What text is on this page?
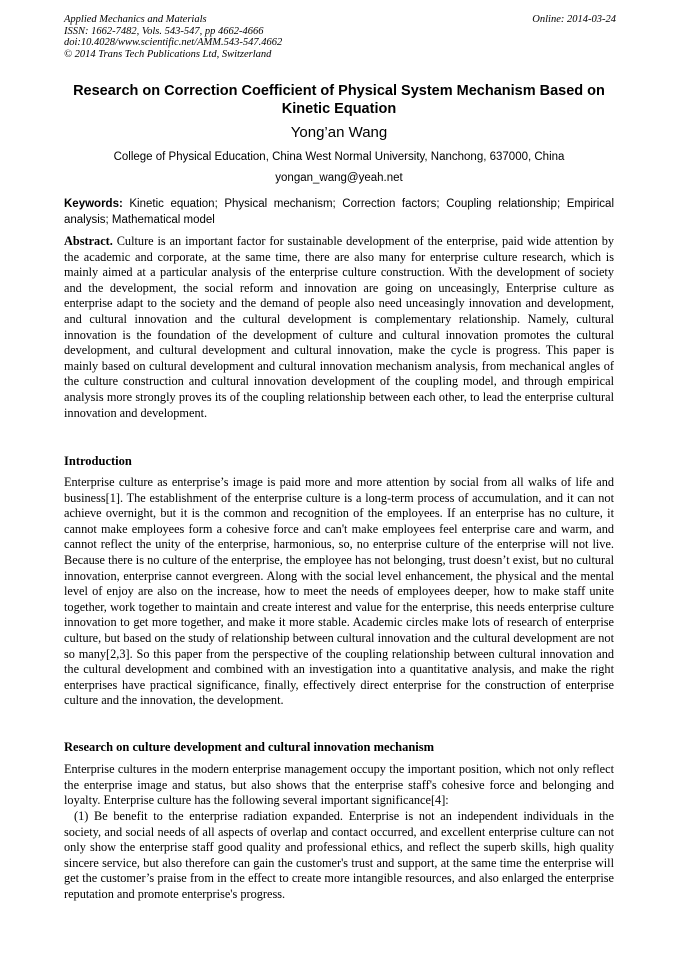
Applied Mechanics and Materials
ISSN: 1662-7482, Vols. 543-547, pp 4662-4666
doi:10.4028/www.scientific.net/AMM.543-547.4662
© 2014 Trans Tech Publications Ltd, Switzerland
Online: 2014-03-24
Research on Correction Coefficient of Physical System Mechanism Based on Kinetic Equation
Yong’an Wang
College of Physical Education, China West Normal University, Nanchong, 637000, China
yongan_wang@yeah.net
Keywords: Kinetic equation; Physical mechanism; Correction factors; Coupling relationship; Empirical analysis; Mathematical model

Abstract. Culture is an important factor for sustainable development of the enterprise, paid wide attention by the academic and corporate, at the same time, there are also many for enterprise culture research, which is mainly aimed at a particular analysis of the enterprise culture construction. With the development of society and the development, the social reform and innovation are going on unceasingly, Enterprise culture as enterprise adapt to the society and the demand of people also need unceasingly innovation and development, and cultural innovation and the cultural development is complementary relationship. Namely, cultural innovation is the foundation of the development of culture and cultural innovation promotes the cultural development, and cultural development and cultural innovation, make the cycle is progress. This paper is mainly based on cultural development and cultural innovation mechanism analysis, from mechanical angles of the culture construction and cultural innovation development of the coupling model, and through empirical analysis more strongly proves its of the coupling relationship between each other, to lead the enterprise cultural innovation and development.

Introduction

Enterprise culture as enterprise’s image is paid more and more attention by social from all walks of life and business[1]. The establishment of the enterprise culture is a long-term process of accumulation, and it can not achieve overnight, but it is the common and recognition of the employees. If an enterprise has no culture, it cannot make employees form a cohesive force and can't make employees feel enterprise care and warm, and cannot reflect the unity of the enterprise, harmonious, so, no enterprise culture of the enterprise will not live. Because there is no culture of the enterprise, the employee has not belonging, trust doesn’t exist, but no cultural innovation, enterprise cannot evergreen. Along with the social level enhancement, the physical and the mental level of enjoy are also on the increase, how to meet the needs of employees deeper, how to make staff unite together, work together to maintain and create interest and value for the enterprise, this needs enterprise culture innovation to get more together, and make it more stable. Academic circles make lots of research of enterprise culture, but based on the study of relationship between cultural innovation and the cultural development are not so many[2,3]. So this paper from the perspective of the coupling relationship between cultural innovation and the cultural development and combined with an investigation into a quantitative analysis, and make the right enterprises have practical significance, finally, effectively direct enterprise for the construction of enterprise culture and the innovation, the development.

Research on culture development and cultural innovation mechanism

Enterprise cultures in the modern enterprise management occupy the important position, which not only reflect the enterprise image and status, but also shows that the enterprise staff's cohesive force and belonging and loyalty. Enterprise culture has the following several important significance[4]:

(1) Be benefit to the enterprise radiation expanded. Enterprise is not an independent individuals in the society, and social needs of all aspects of overlap and contact occurred, and excellent enterprise culture can not only show the enterprise staff good quality and professional ethics, and reflect the superb skills, high quality sincere service, but also therefore can gain the customer's trust and support, at the same time the enterprise will get the customer’s praise from in the effect to create more intangible resources, and also enlarged the enterprise reputation and promote enterprise's progress.
